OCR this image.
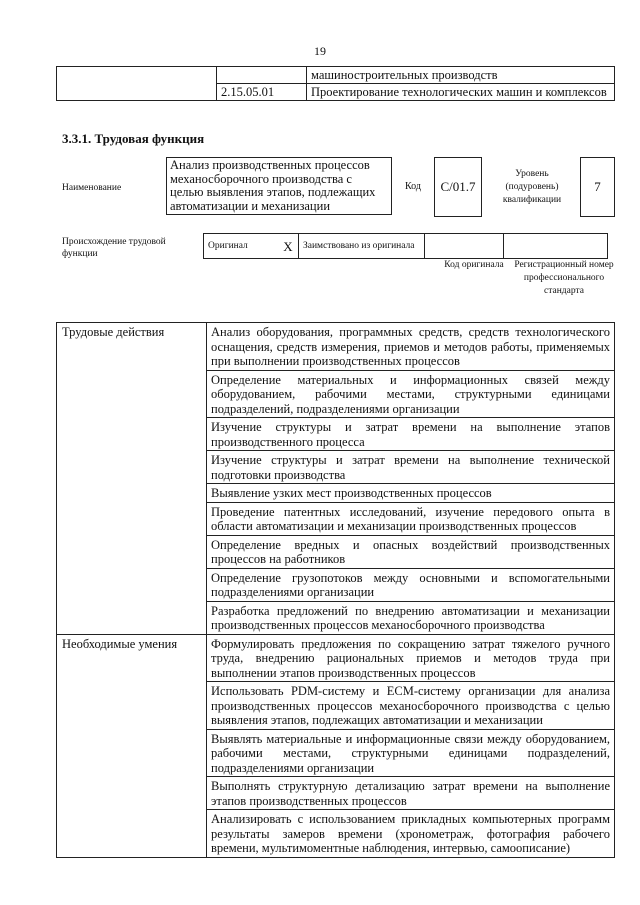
19
		машиностроительных производств
	2.15.05.01	Проектирование технологических машин и комплексов
3.3.1. Трудовая функция
Наименование
Анализ производственных процессов механосборочного производства с целью выявления этапов, подлежащих автоматизации и механизации
Код C/01.7
Уровень (подуровень) квалификации
7
Происхождение трудовой функции
Оригинал	X	Заимствовано из оригинала		
Код оригинала	Регистрационный номер профессионального стандарта
Трудовые действия	Анализ оборудования, программных средств, средств технологического оснащения, средств измерения, приемов и методов работы, применяемых при выполнении производственных процессов
	Определение материальных и информационных связей между оборудованием, рабочими местами, структурными единицами подразделений, подразделениями организации
	Изучение структуры и затрат времени на выполнение этапов производственного процесса
	Изучение структуры и затрат времени на выполнение технической подготовки производства
	Выявление узких мест производственных процессов
	Проведение патентных исследований, изучение передового опыта в области автоматизации и механизации производственных процессов
	Определение вредных и опасных воздействий производственных процессов на работников
	Определение грузопотоков между основными и вспомогательными подразделениями организации
	Разработка предложений по внедрению автоматизации и механизации производственных процессов механосборочного производства
Необходимые умения	Формулировать предложения по сокращению затрат тяжелого ручного труда, внедрению рациональных приемов и методов труда при выполнении этапов производственных процессов
	Использовать PDM-систему и ECM-систему организации для анализа производственных процессов механосборочного производства с целью выявления этапов, подлежащих автоматизации и механизации
	Выявлять материальные и информационные связи между оборудованием, рабочими местами, структурными единицами подразделений, подразделениями организации
	Выполнять структурную детализацию затрат времени на выполнение этапов производственных процессов
	Анализировать с использованием прикладных компьютерных программ результаты замеров времени (хронометраж, фотография рабочего времени, мультимоментные наблюдения, интервью, самоописание)
